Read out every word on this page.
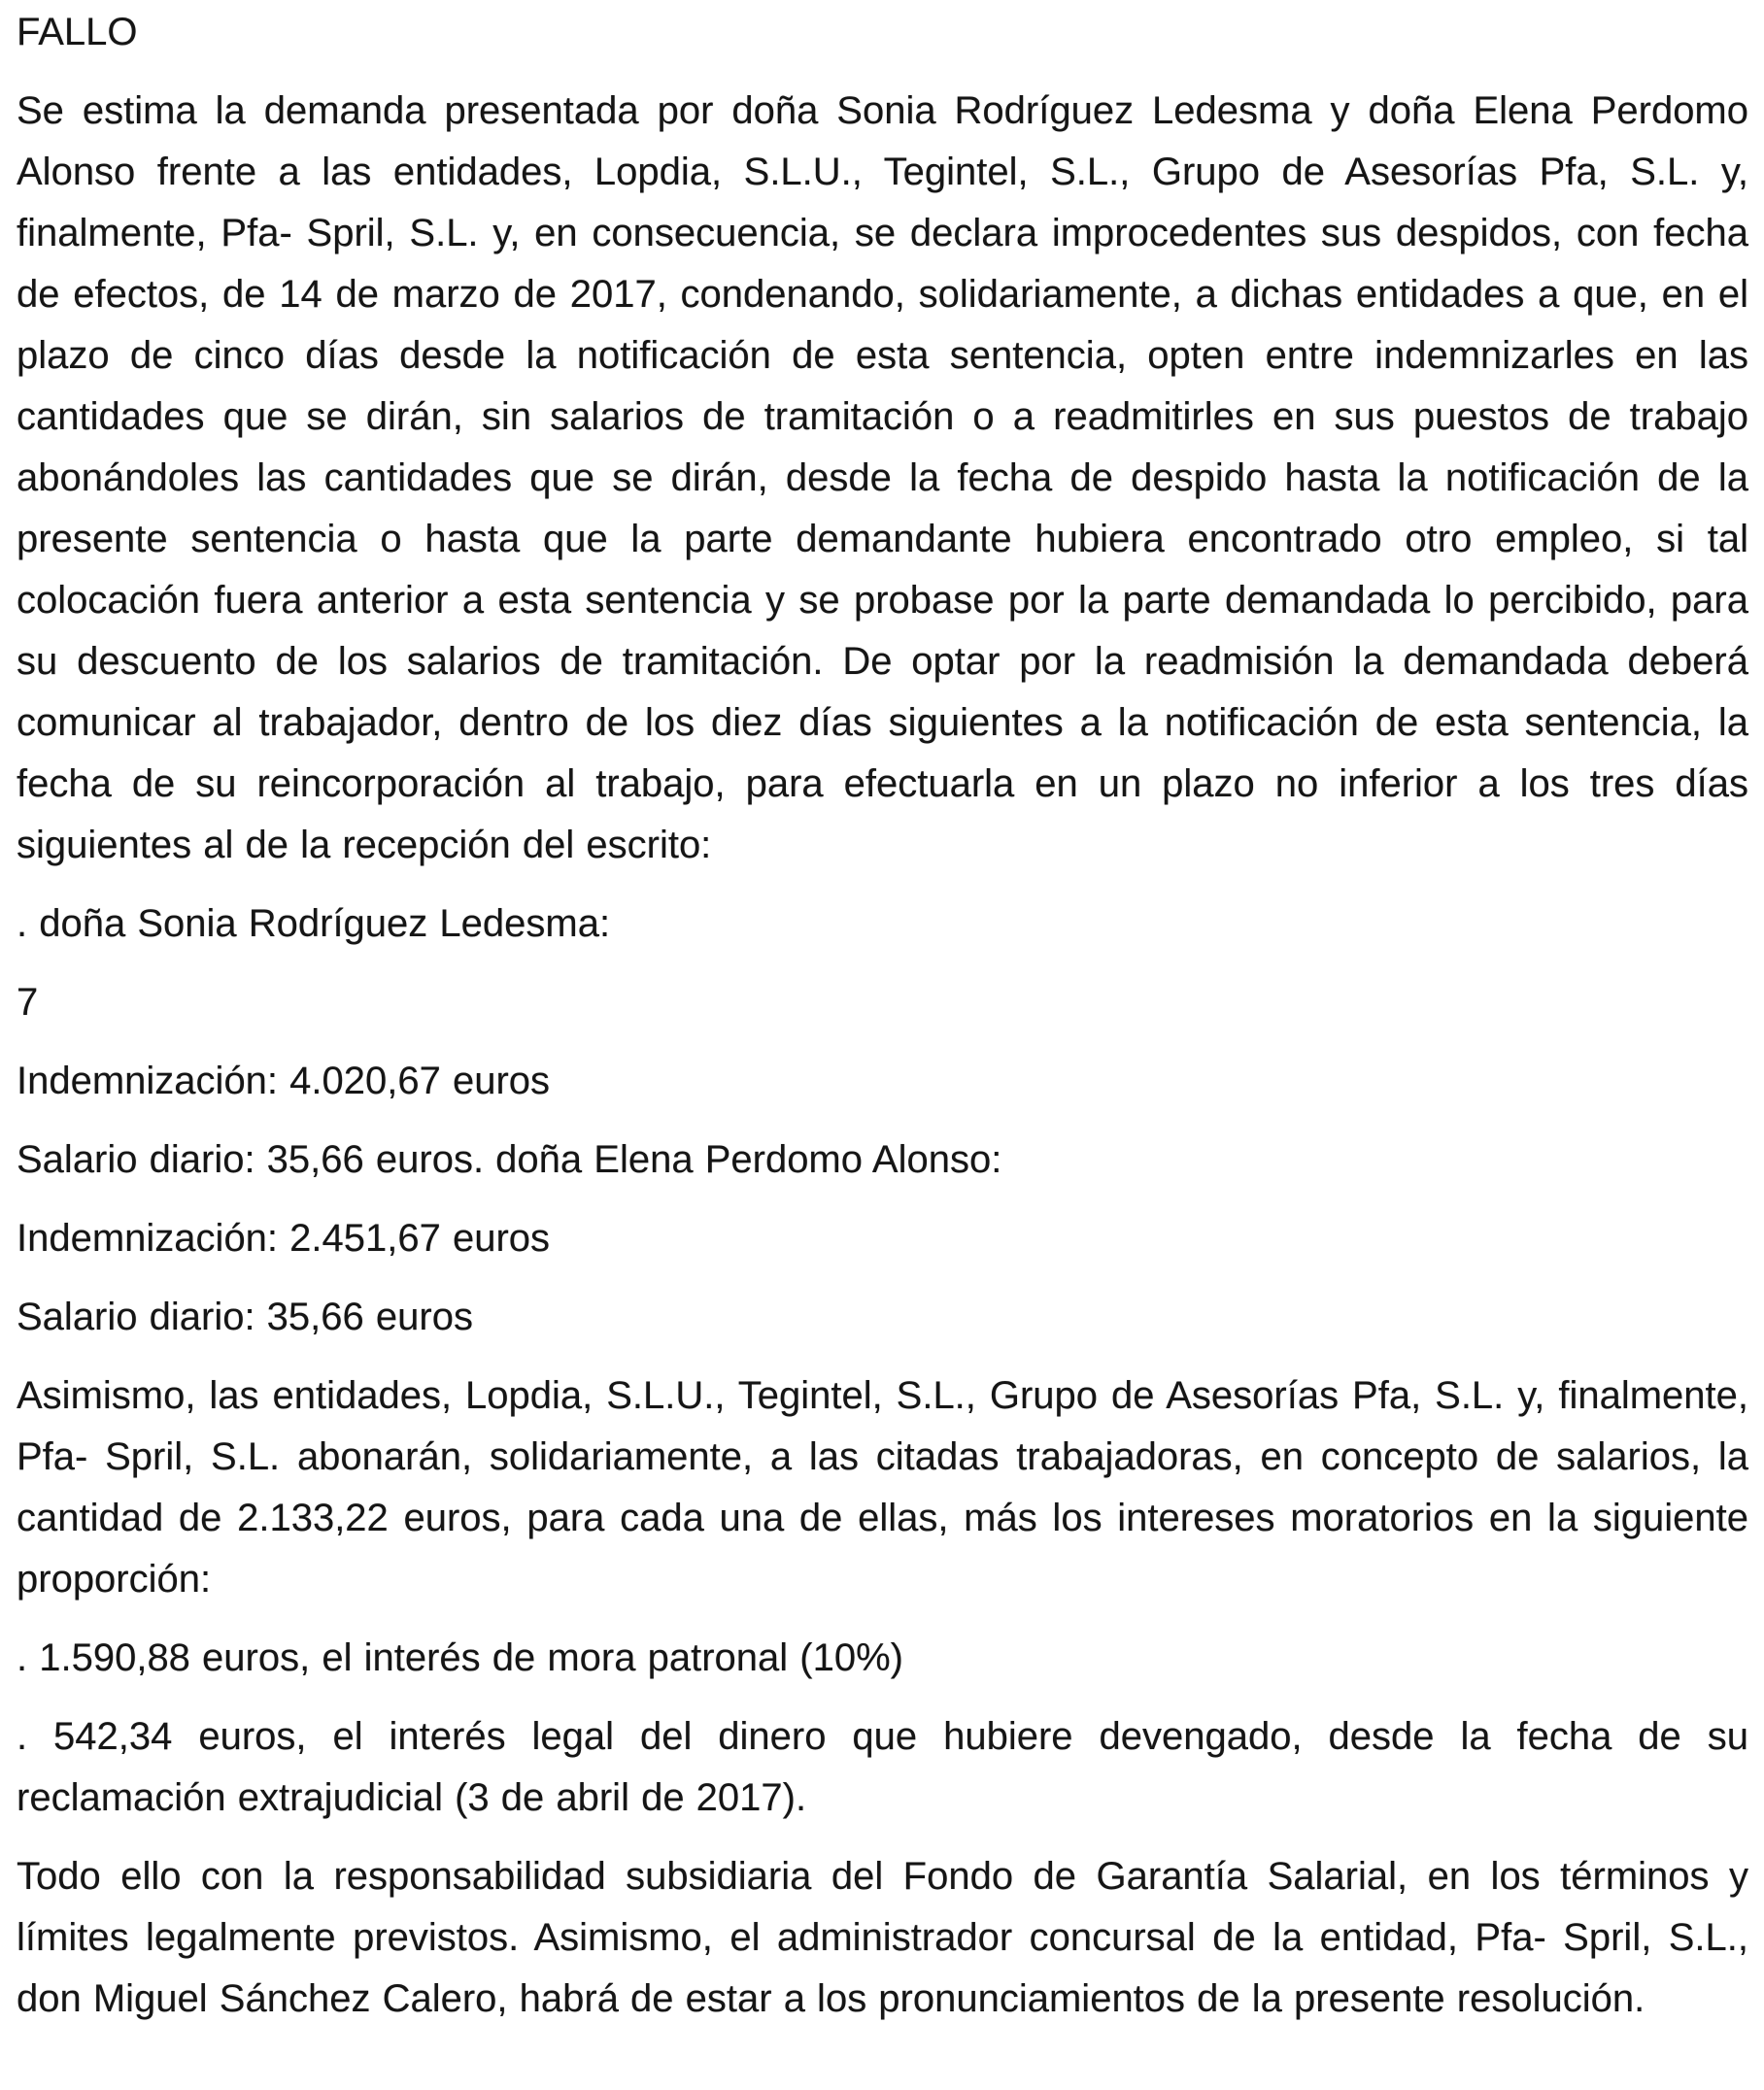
FALLO

Se estima la demanda presentada por doña Sonia Rodríguez Ledesma y doña Elena Perdomo Alonso frente a las entidades, Lopdia, S.L.U., Tegintel, S.L., Grupo de Asesorías Pfa, S.L. y, finalmente, Pfa- Spril, S.L. y, en consecuencia, se declara improcedentes sus despidos, con fecha de efectos, de 14 de marzo de 2017, condenando, solidariamente, a dichas entidades a que, en el plazo de cinco días desde la notificación de esta sentencia, opten entre indemnizarles en las cantidades que se dirán, sin salarios de tramitación o a readmitirles en sus puestos de trabajo abonándoles las cantidades que se dirán, desde la fecha de despido hasta la notificación de la presente sentencia o hasta que la parte demandante hubiera encontrado otro empleo, si tal colocación fuera anterior a esta sentencia y se probase por la parte demandada lo percibido, para su descuento de los salarios de tramitación. De optar por la readmisión la demandada deberá comunicar al trabajador, dentro de los diez días siguientes a la notificación de esta sentencia, la fecha de su reincorporación al trabajo, para efectuarla en un plazo no inferior a los tres días siguientes al de la recepción del escrito:

. doña Sonia Rodríguez Ledesma:

7

Indemnización: 4.020,67 euros

Salario diario: 35,66 euros. doña Elena Perdomo Alonso:

Indemnización: 2.451,67 euros

Salario diario: 35,66 euros

Asimismo, las entidades, Lopdia, S.L.U., Tegintel, S.L., Grupo de Asesorías Pfa, S.L. y, finalmente, Pfa- Spril, S.L. abonarán, solidariamente, a las citadas trabajadoras, en concepto de salarios, la cantidad de 2.133,22 euros, para cada una de ellas, más los intereses moratorios en la siguiente proporción:

. 1.590,88 euros, el interés de mora patronal (10%)

. 542,34 euros, el interés legal del dinero que hubiere devengado, desde la fecha de su reclamación extrajudicial (3 de abril de 2017).

Todo ello con la responsabilidad subsidiaria del Fondo de Garantía Salarial, en los términos y límites legalmente previstos. Asimismo, el administrador concursal de la entidad, Pfa- Spril, S.L., don Miguel Sánchez Calero, habrá de estar a los pronunciamientos de la presente resolución.
